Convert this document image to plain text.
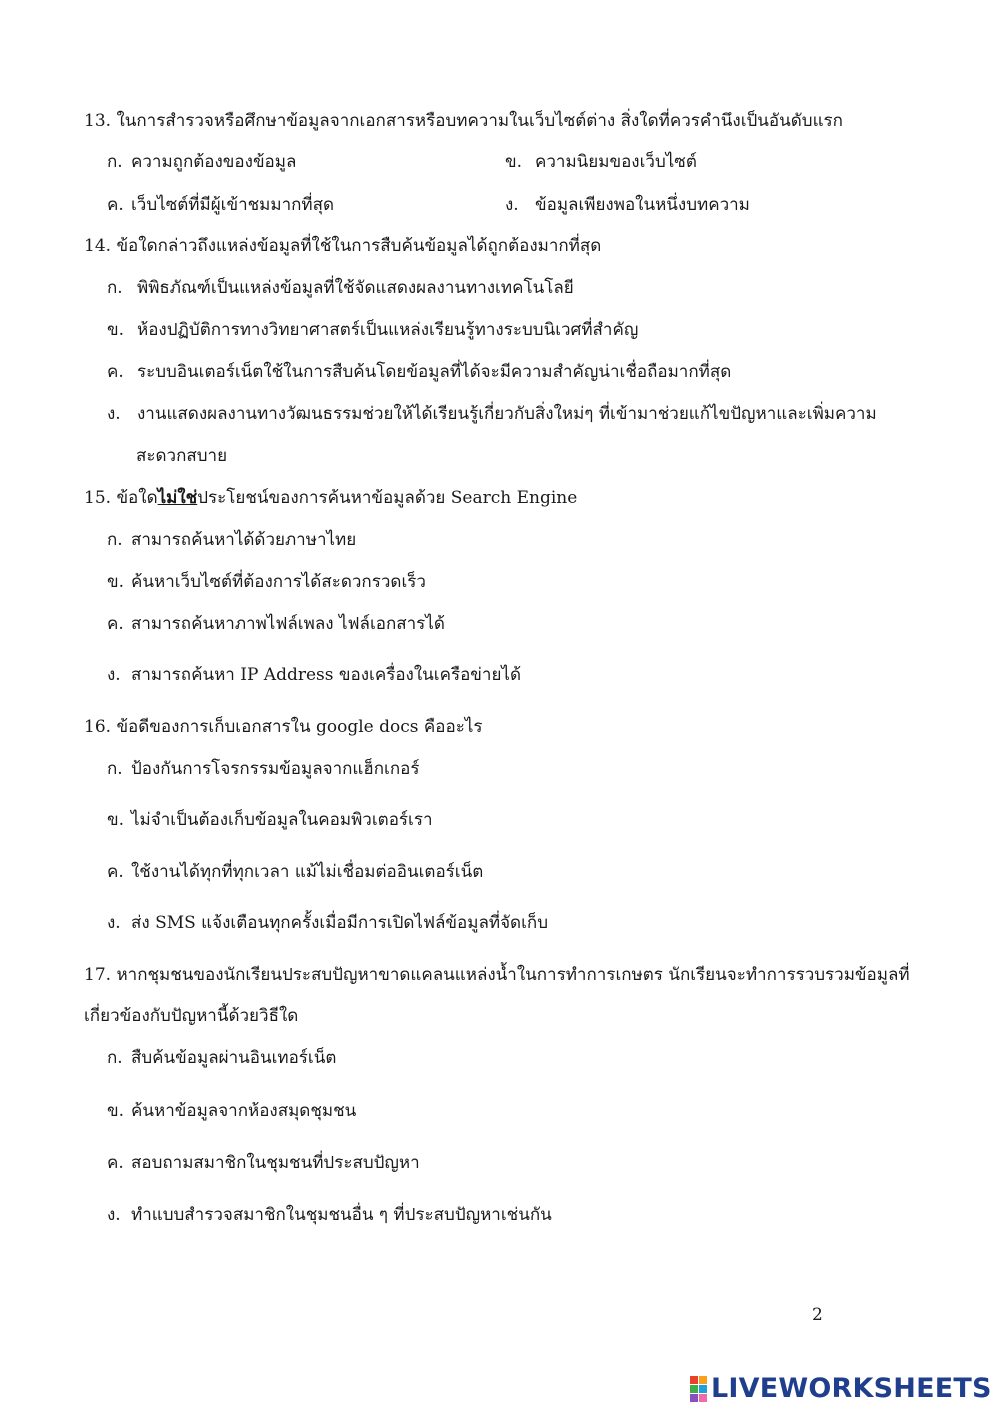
13. ในการสำรวจหรือศึกษาข้อมูลจากเอกสารหรือบทความในเว็บไซต์ต่าง สิ่งใดที่ควรคำนึงเป็นอันดับแรก
ก. ความถูกต้องของข้อมูล	ข. ความนิยมของเว็บไซต์
ค. เว็บไซต์ที่มีผู้เข้าชมมากที่สุด	ง. ข้อมูลเพียงพอในหนึ่งบทความ
14. ข้อใดกล่าวถึงแหล่งข้อมูลที่ใช้ในการสืบค้นข้อมูลได้ถูกต้องมากที่สุด
ก. พิพิธภัณฑ์เป็นแหล่งข้อมูลที่ใช้จัดแสดงผลงานทางเทคโนโลยี
ข. ห้องปฏิบัติการทางวิทยาศาสตร์เป็นแหล่งเรียนรู้ทางระบบนิเวศที่สำคัญ
ค. ระบบอินเตอร์เน็ตใช้ในการสืบค้นโดยข้อมูลที่ได้จะมีความสำคัญน่าเชื่อถือมากที่สุด
ง. งานแสดงผลงานทางวัฒนธรรมช่วยให้ได้เรียนรู้เกี่ยวกับสิ่งใหม่ๆ ที่เข้ามาช่วยแก้ไขปัญหาและเพิ่มความ
สะดวกสบาย
15. ข้อใดไม่ใช่ประโยชน์ของการค้นหาข้อมูลด้วย Search Engine
ก. สามารถค้นหาได้ด้วยภาษาไทย
ข. ค้นหาเว็บไซต์ที่ต้องการได้สะดวกรวดเร็ว
ค. สามารถค้นหาภาพไฟล์เพลง ไฟล์เอกสารได้
ง. สามารถค้นหา IP Address ของเครื่องในเครือข่ายได้
16. ข้อดีของการเก็บเอกสารใน google docs คืออะไร
ก. ป้องกันการโจรกรรมข้อมูลจากแฮ็กเกอร์
ข. ไม่จำเป็นต้องเก็บข้อมูลในคอมพิวเตอร์เรา
ค. ใช้งานได้ทุกที่ทุกเวลา แม้ไม่เชื่อมต่ออินเตอร์เน็ต
ง. ส่ง SMS แจ้งเตือนทุกครั้งเมื่อมีการเปิดไฟล์ข้อมูลที่จัดเก็บ
17. หากชุมชนของนักเรียนประสบปัญหาขาดแคลนแหล่งน้ำในการทำการเกษตร นักเรียนจะทำการรวบรวมข้อมูลที่
เกี่ยวข้องกับปัญหานี้ด้วยวิธีใด
ก. สืบค้นข้อมูลผ่านอินเทอร์เน็ต
ข. ค้นหาข้อมูลจากห้องสมุดชุมชน
ค. สอบถามสมาชิกในชุมชนที่ประสบปัญหา
ง. ทำแบบสำรวจสมาชิกในชุมชนอื่น ๆ ที่ประสบปัญหาเช่นกัน
2
LIVEWORKSHEETS
